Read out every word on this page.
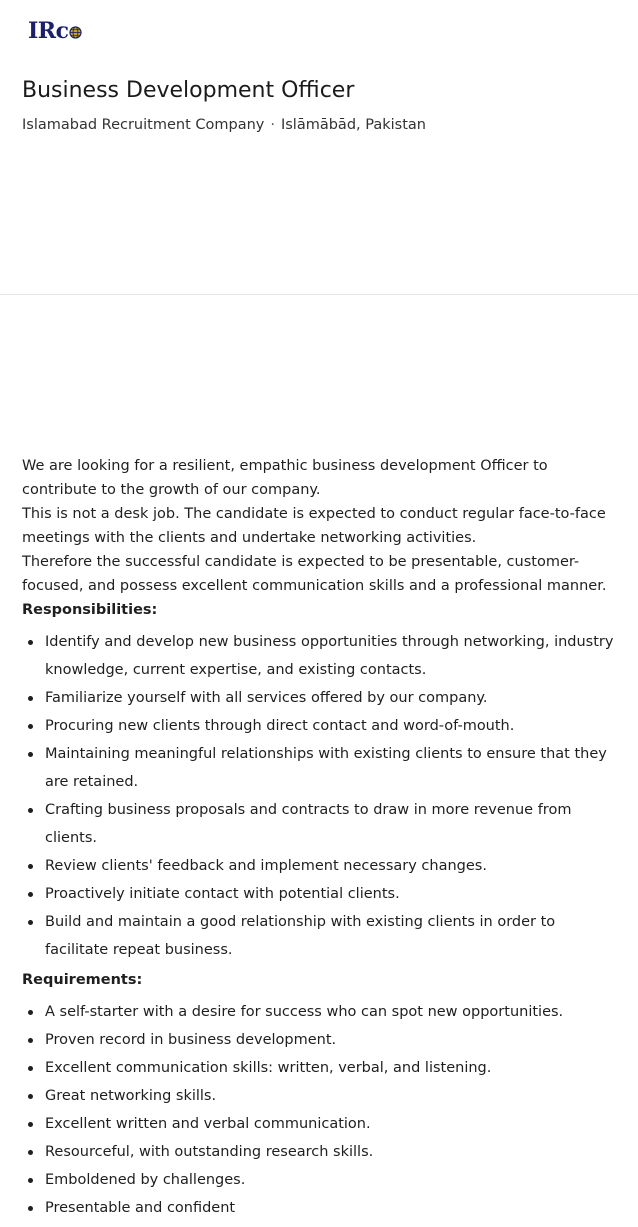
IRc
Business Development Officer
Islamabad Recruitment Company · Islāmābād, Pakistan

We are looking for a resilient, empathic business development Officer to contribute to the growth of our company.

This is not a desk job. The candidate is expected to conduct regular face-to-face meetings with the clients and undertake networking activities.

Therefore the successful candidate is expected to be presentable, customer-focused, and possess excellent communication skills and a professional manner.

Responsibilities:

Identify and develop new business opportunities through networking, industry knowledge, current expertise, and existing contacts.
Familiarize yourself with all services offered by our company.
Procuring new clients through direct contact and word-of-mouth.
Maintaining meaningful relationships with existing clients to ensure that they are retained.
Crafting business proposals and contracts to draw in more revenue from clients.
Review clients' feedback and implement necessary changes.
Proactively initiate contact with potential clients.
Build and maintain a good relationship with existing clients in order to facilitate repeat business.

Requirements:

A self-starter with a desire for success who can spot new opportunities.
Proven record in business development.
Excellent communication skills: written, verbal, and listening.
Great networking skills.
Excellent written and verbal communication.
Resourceful, with outstanding research skills.
Emboldened by challenges.
Presentable and confident
